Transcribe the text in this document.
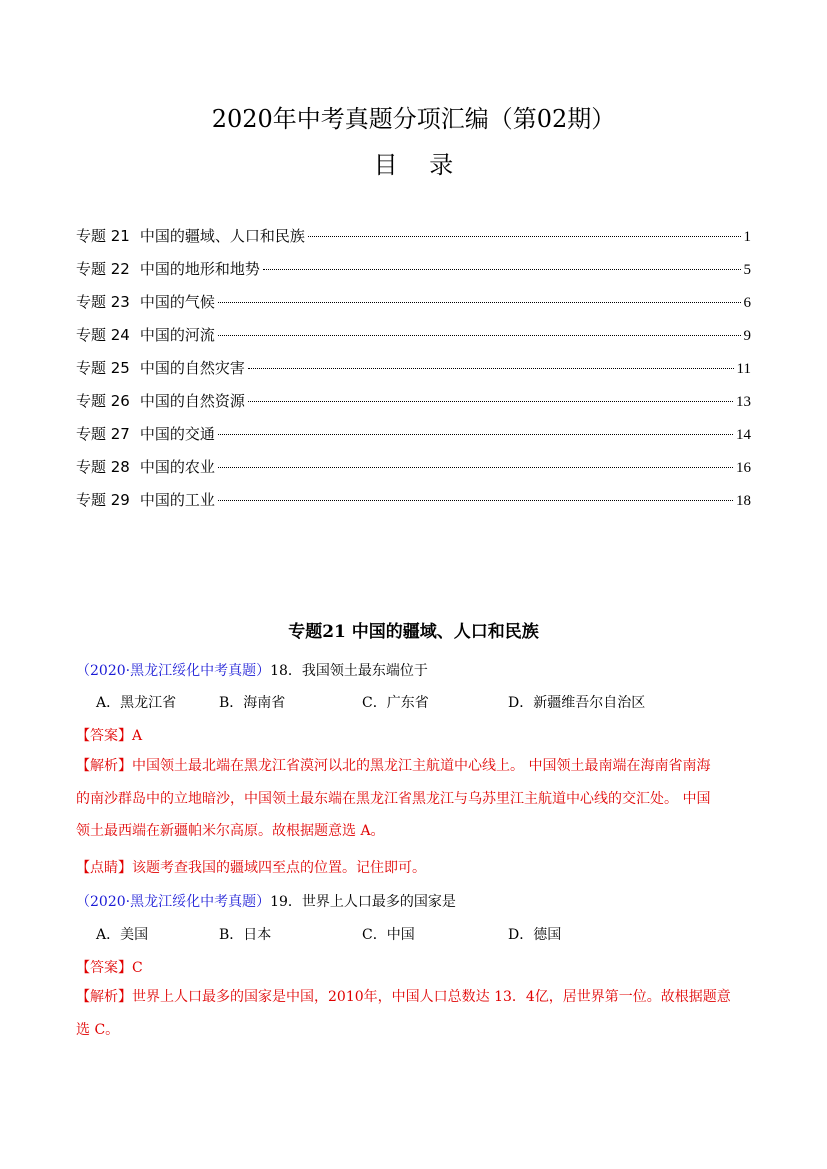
2020年中考真题分项汇编（第02期）
目 录
专题 21 中国的疆域、人口和民族	1
专题 22 中国的地形和地势	5
专题 23 中国的气候	6
专题 24 中国的河流	9
专题 25 中国的自然灾害	11
专题 26 中国的自然资源	13
专题 27 中国的交通	14
专题 28 中国的农业	16
专题 29 中国的工业	18
专题21 中国的疆域、人口和民族
（2020·黑龙江绥化中考真题）18．我国领土最东端位于
A．黑龙江省	B．海南省	C．广东省	D．新疆维吾尔自治区
【答案】A
【解析】中国领土最北端在黑龙江省漠河以北的黑龙江主航道中心线上。 中国领土最南端在海南省南海
的南沙群岛中的立地暗沙，中国领土最东端在黑龙江省黑龙江与乌苏里江主航道中心线的交汇处。 中国
领土最西端在新疆帕米尔高原。故根据题意选 A。
【点睛】该题考查我国的疆域四至点的位置。记住即可。
（2020·黑龙江绥化中考真题）19．世界上人口最多的国家是
A．美国	B．日本	C．中国	D．德国
【答案】C
【解析】世界上人口最多的国家是中国，2010年，中国人口总数达 13．4亿，居世界第一位。故根据题意
选 C。
